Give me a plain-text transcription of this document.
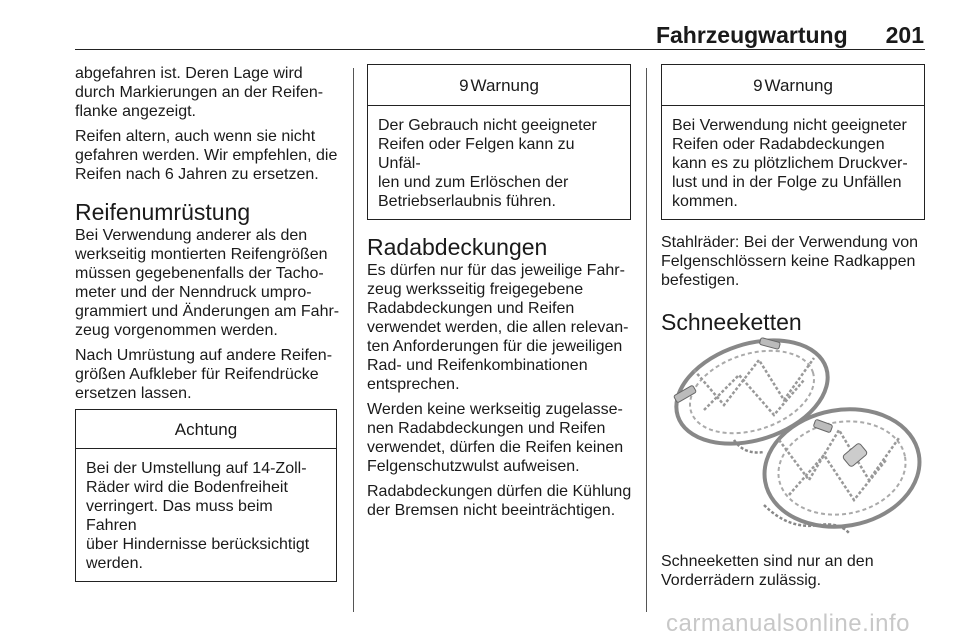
Fahrzeugwartung 201

abgefahren ist. Deren Lage wird
durch Markierungen an der Reifen-
flanke angezeigt.

Reifen altern, auch wenn sie nicht
gefahren werden. Wir empfehlen, die
Reifen nach 6 Jahren zu ersetzen.

Reifenumrüstung

Bei Verwendung anderer als den
werkseitig montierten Reifengrößen
müssen gegebenenfalls der Tacho-
meter und der Nenndruck umpro-
grammiert und Änderungen am Fahr-
zeug vorgenommen werden.

Nach Umrüstung auf andere Reifen-
größen Aufkleber für Reifendrücke
ersetzen lassen.

Achtung
Bei der Umstellung auf 14-Zoll-
Räder wird die Bodenfreiheit
verringert. Das muss beim Fahren
über Hindernisse berücksichtigt
werden.
9 Warnung
Der Gebrauch nicht geeigneter
Reifen oder Felgen kann zu Unfäl-
len und zum Erlöschen der
Betriebserlaubnis führen.
Radabdeckungen

Es dürfen nur für das jeweilige Fahr-
zeug werksseitig freigegebene
Radabdeckungen und Reifen
verwendet werden, die allen relevan-
ten Anforderungen für die jeweiligen
Rad- und Reifenkombinationen
entsprechen.

Werden keine werkseitig zugelasse-
nen Radabdeckungen und Reifen
verwendet, dürfen die Reifen keinen
Felgenschutzwulst aufweisen.

Radabdeckungen dürfen die Kühlung
der Bremsen nicht beeinträchtigen.

9 Warnung
Bei Verwendung nicht geeigneter
Reifen oder Radabdeckungen
kann es zu plötzlichem Druckver-
lust und in der Folge zu Unfällen
kommen.

Stahlräder: Bei der Verwendung von
Felgenschlössern keine Radkappen
befestigen.

Schneeketten

Schneeketten sind nur an den
Vorderrädern zulässig.

carmanualsonline.info
